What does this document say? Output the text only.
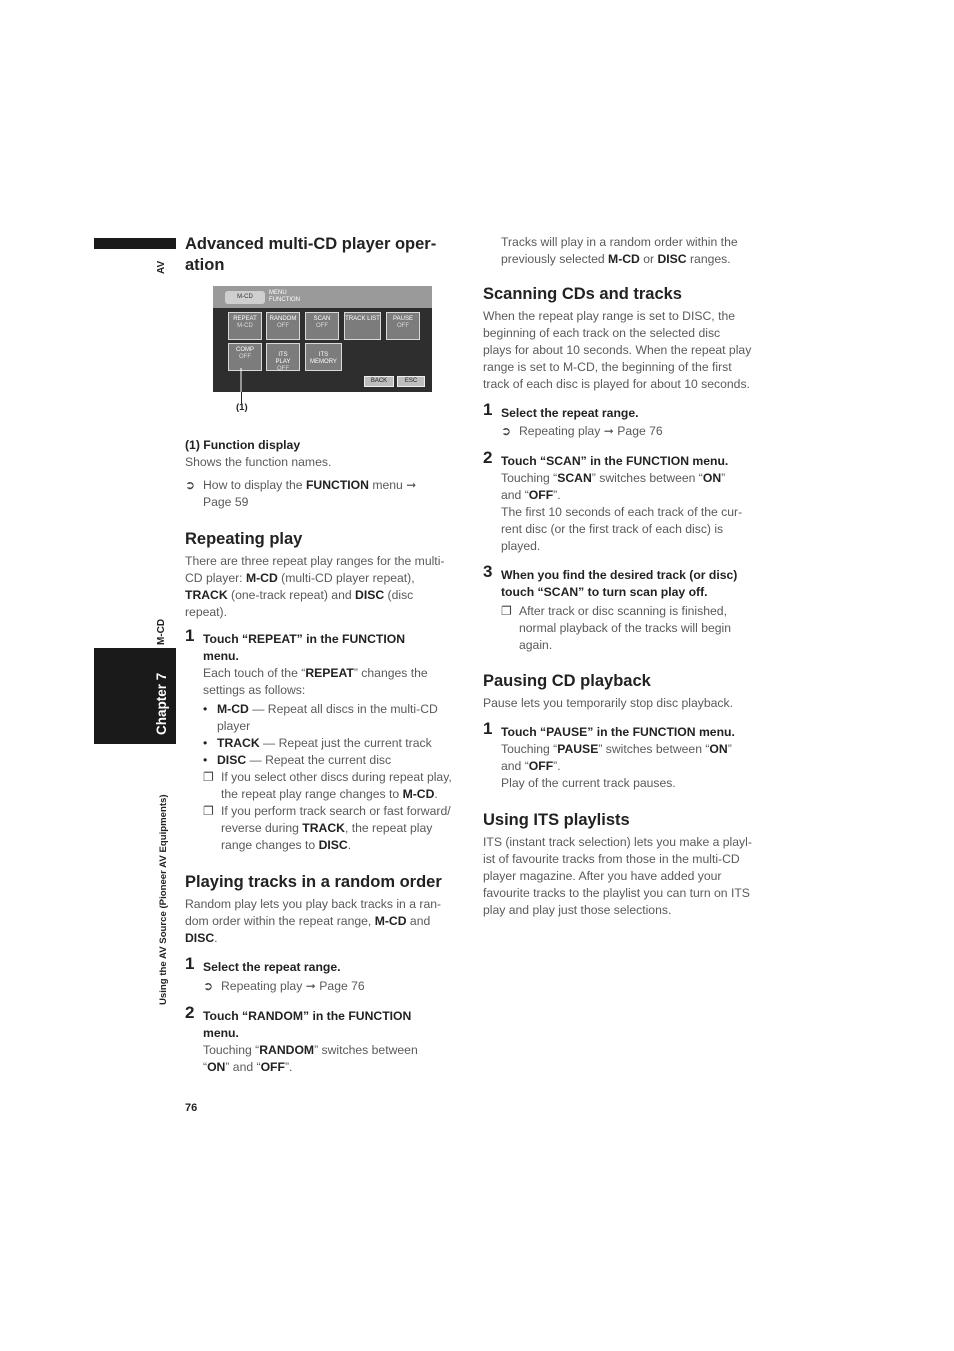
AV
M-CD
Chapter 7
Using the AV Source (Pioneer AV Equipments)
Advanced multi-CD player oper-
ation
M-CD
MENU
FUNCTION
REPEAT
M-CD
RANDOM
OFF
SCAN
OFF
TRACK LIST	PAUSE
OFF
COMP
OFF	ITS
PLAY
OFF

ITS
MEMORY
BACK	ESC
(1)

(1) Function display

Shows the function names.

➲ How to display the FUNCTION menu ➞
Page 59
Repeating play

There are three repeat play ranges for the multi-
CD player: M-CD (multi-CD player repeat),
TRACK (one-track repeat) and DISC (disc
repeat).

1 Touch “REPEAT” in the FUNCTION
menu.

Each touch of the “REPEAT” changes the
settings as follows:

• M-CD — Repeat all discs in the multi-CD
player
• TRACK — Repeat just the current track
• DISC — Repeat the current disc
❐ If you select other discs during repeat play,
the repeat play range changes to M-CD.
❐ If you perform track search or fast forward/
reverse during TRACK, the repeat play
range changes to DISC.
Playing tracks in a random order

Random play lets you play back tracks in a ran-
dom order within the repeat range, M-CD and
DISC.

1 Select the repeat range.
➲ Repeating play ➞ Page 76
2 Touch “RANDOM” in the FUNCTION
menu.

Touching “RANDOM” switches between
“ON” and “OFF”.

Tracks will play in a random order within the
previously selected M-CD or DISC ranges.

Scanning CDs and tracks

When the repeat play range is set to DISC, the
beginning of each track on the selected disc
plays for about 10 seconds. When the repeat play
range is set to M-CD, the beginning of the first
track of each disc is played for about 10 seconds.

1 Select the repeat range.
➲ Repeating play ➞ Page 76
2 Touch “SCAN” in the FUNCTION menu.

Touching “SCAN” switches between “ON”
and “OFF”.

The first 10 seconds of each track of the cur-
rent disc (or the first track of each disc) is
played.

3 When you find the desired track (or disc)
touch “SCAN” to turn scan play off.
❐ After track or disc scanning is finished,
normal playback of the tracks will begin
again.
Pausing CD playback

Pause lets you temporarily stop disc playback.

1 Touch “PAUSE” in the FUNCTION menu.

Touching “PAUSE” switches between “ON”
and “OFF”.

Play of the current track pauses.

Using ITS playlists

ITS (instant track selection) lets you make a playl-
ist of favourite tracks from those in the multi-CD
player magazine. After you have added your
favourite tracks to the playlist you can turn on ITS
play and play just those selections.

76
